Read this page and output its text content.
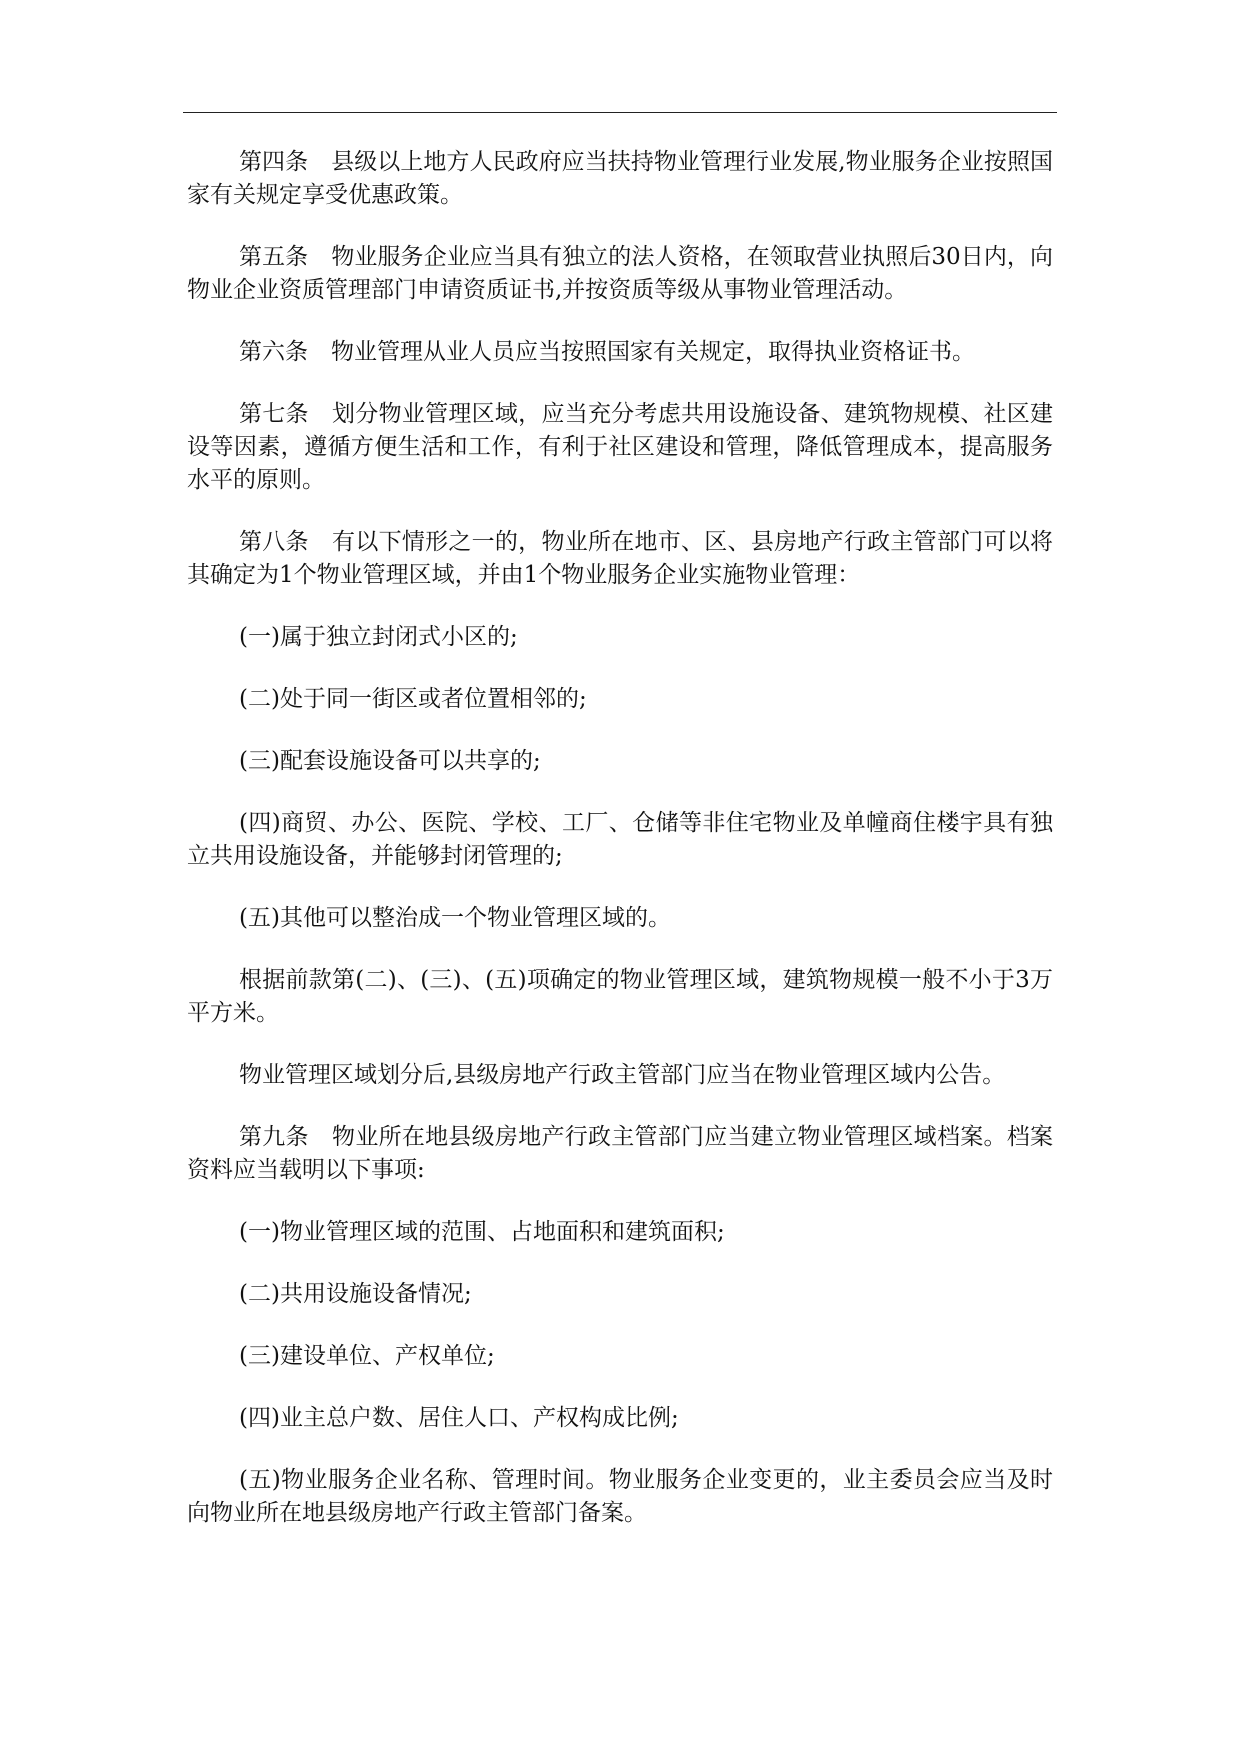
第四条　县级以上地方人民政府应当扶持物业管理行业发展,物业服务企业按照国家有关规定享受优惠政策。

第五条　物业服务企业应当具有独立的法人资格，在领取营业执照后30日内，向物业企业资质管理部门申请资质证书,并按资质等级从事物业管理活动。

第六条　物业管理从业人员应当按照国家有关规定，取得执业资格证书。

第七条　划分物业管理区域，应当充分考虑共用设施设备、建筑物规模、社区建设等因素，遵循方便生活和工作，有利于社区建设和管理，降低管理成本，提高服务水平的原则。

第八条　有以下情形之一的，物业所在地市、区、县房地产行政主管部门可以将其确定为1个物业管理区域，并由1个物业服务企业实施物业管理：

(一)属于独立封闭式小区的;

(二)处于同一街区或者位置相邻的;

(三)配套设施设备可以共享的;

(四)商贸、办公、医院、学校、工厂、仓储等非住宅物业及单幢商住楼宇具有独立共用设施设备，并能够封闭管理的;

(五)其他可以整治成一个物业管理区域的。

根据前款第(二)、(三)、(五)项确定的物业管理区域，建筑物规模一般不小于3万平方米。

物业管理区域划分后,县级房地产行政主管部门应当在物业管理区域内公告。

第九条　物业所在地县级房地产行政主管部门应当建立物业管理区域档案。档案资料应当载明以下事项:

(一)物业管理区域的范围、占地面积和建筑面积;

(二)共用设施设备情况;

(三)建设单位、产权单位;

(四)业主总户数、居住人口、产权构成比例;

(五)物业服务企业名称、管理时间。物业服务企业变更的，业主委员会应当及时向物业所在地县级房地产行政主管部门备案。
